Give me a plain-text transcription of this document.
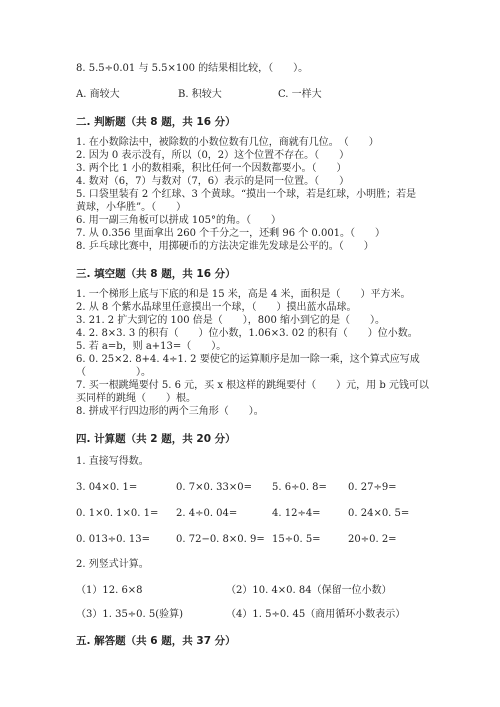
8. 5.5÷0.01 与 5.5×100 的结果相比较，（　　）。
A. 商较大	B. 积较大	C. 一样大
二. 判断题（共 8 题，共 16 分）
1. 在小数除法中，被除数的小数位数有几位，商就有几位。　（　　）
2. 因为 0 表示没有，所以（0，2）这个位置不存在。（　　）
3. 两个比 1 小的数相乘，积比任何一个因数都要小。（　　）
4. 数对（6，7）与数对（7，6）表示的是同一位置。（　　）
5. 口袋里装有 2 个红球、3 个黄球。“摸出一个球，若是红球，小明胜；若是
黄球，小华胜”。（　　）
6. 用一副三角板可以拼成 105°的角。（　　）
7. 从 0.356 里面拿出 260 个千分之一，还剩 96 个 0.001。（　　）
8. 乒乓球比赛中，用掷硬币的方法决定谁先发球是公平的。（　　）
三. 填空题（共 8 题，共 16 分）
1. 一个梯形上底与下底的和是 15 米，高是 4 米，面积是（　　）平方米。
2. 从 8 个紫水晶球里任意摸出一个球，（　　）摸出蓝水晶球。
3. 21. 2 扩大到它的 100 倍是（　　），800 缩小到它的是（　　）。
4. 2. 8×3. 3 的积有（　　）位小数，1.06×3. 02 的积有（　　）位小数。
5. 若 a=b，则 a+13=（　　）。
6. 0. 25×2. 8+4. 4÷1. 2 要使它的运算顺序是加一除一乘，这个算式应写成
（　　　　　）。
7. 买一根跳绳要付 5. 6 元，买 x 根这样的跳绳要付（　　）元，用 b 元钱可以
买同样的跳绳（　　）根。
8. 拼成平行四边形的两个三角形（　　）。
四. 计算题（共 2 题，共 20 分）
1. 直接写得数。
3. 04×0. 1=	0. 7×0. 33×0= 5. 6÷0. 8= 0. 27÷9=
0. 1×0. 1×0. 1= 2. 4÷0. 04=	4. 12÷4=	0. 24×0. 5=
0. 013÷0. 13=	0. 72−0. 8×0. 9= 15÷0. 5=	20÷0. 2=
2. 列竖式计算。
（1）12. 6×8	（2）10. 4×0. 84（保留一位小数）
（3）1. 35÷0. 5(验算)	（4）1. 5÷0. 45（商用循环小数表示）
五. 解答题（共 6 题，共 37 分）
